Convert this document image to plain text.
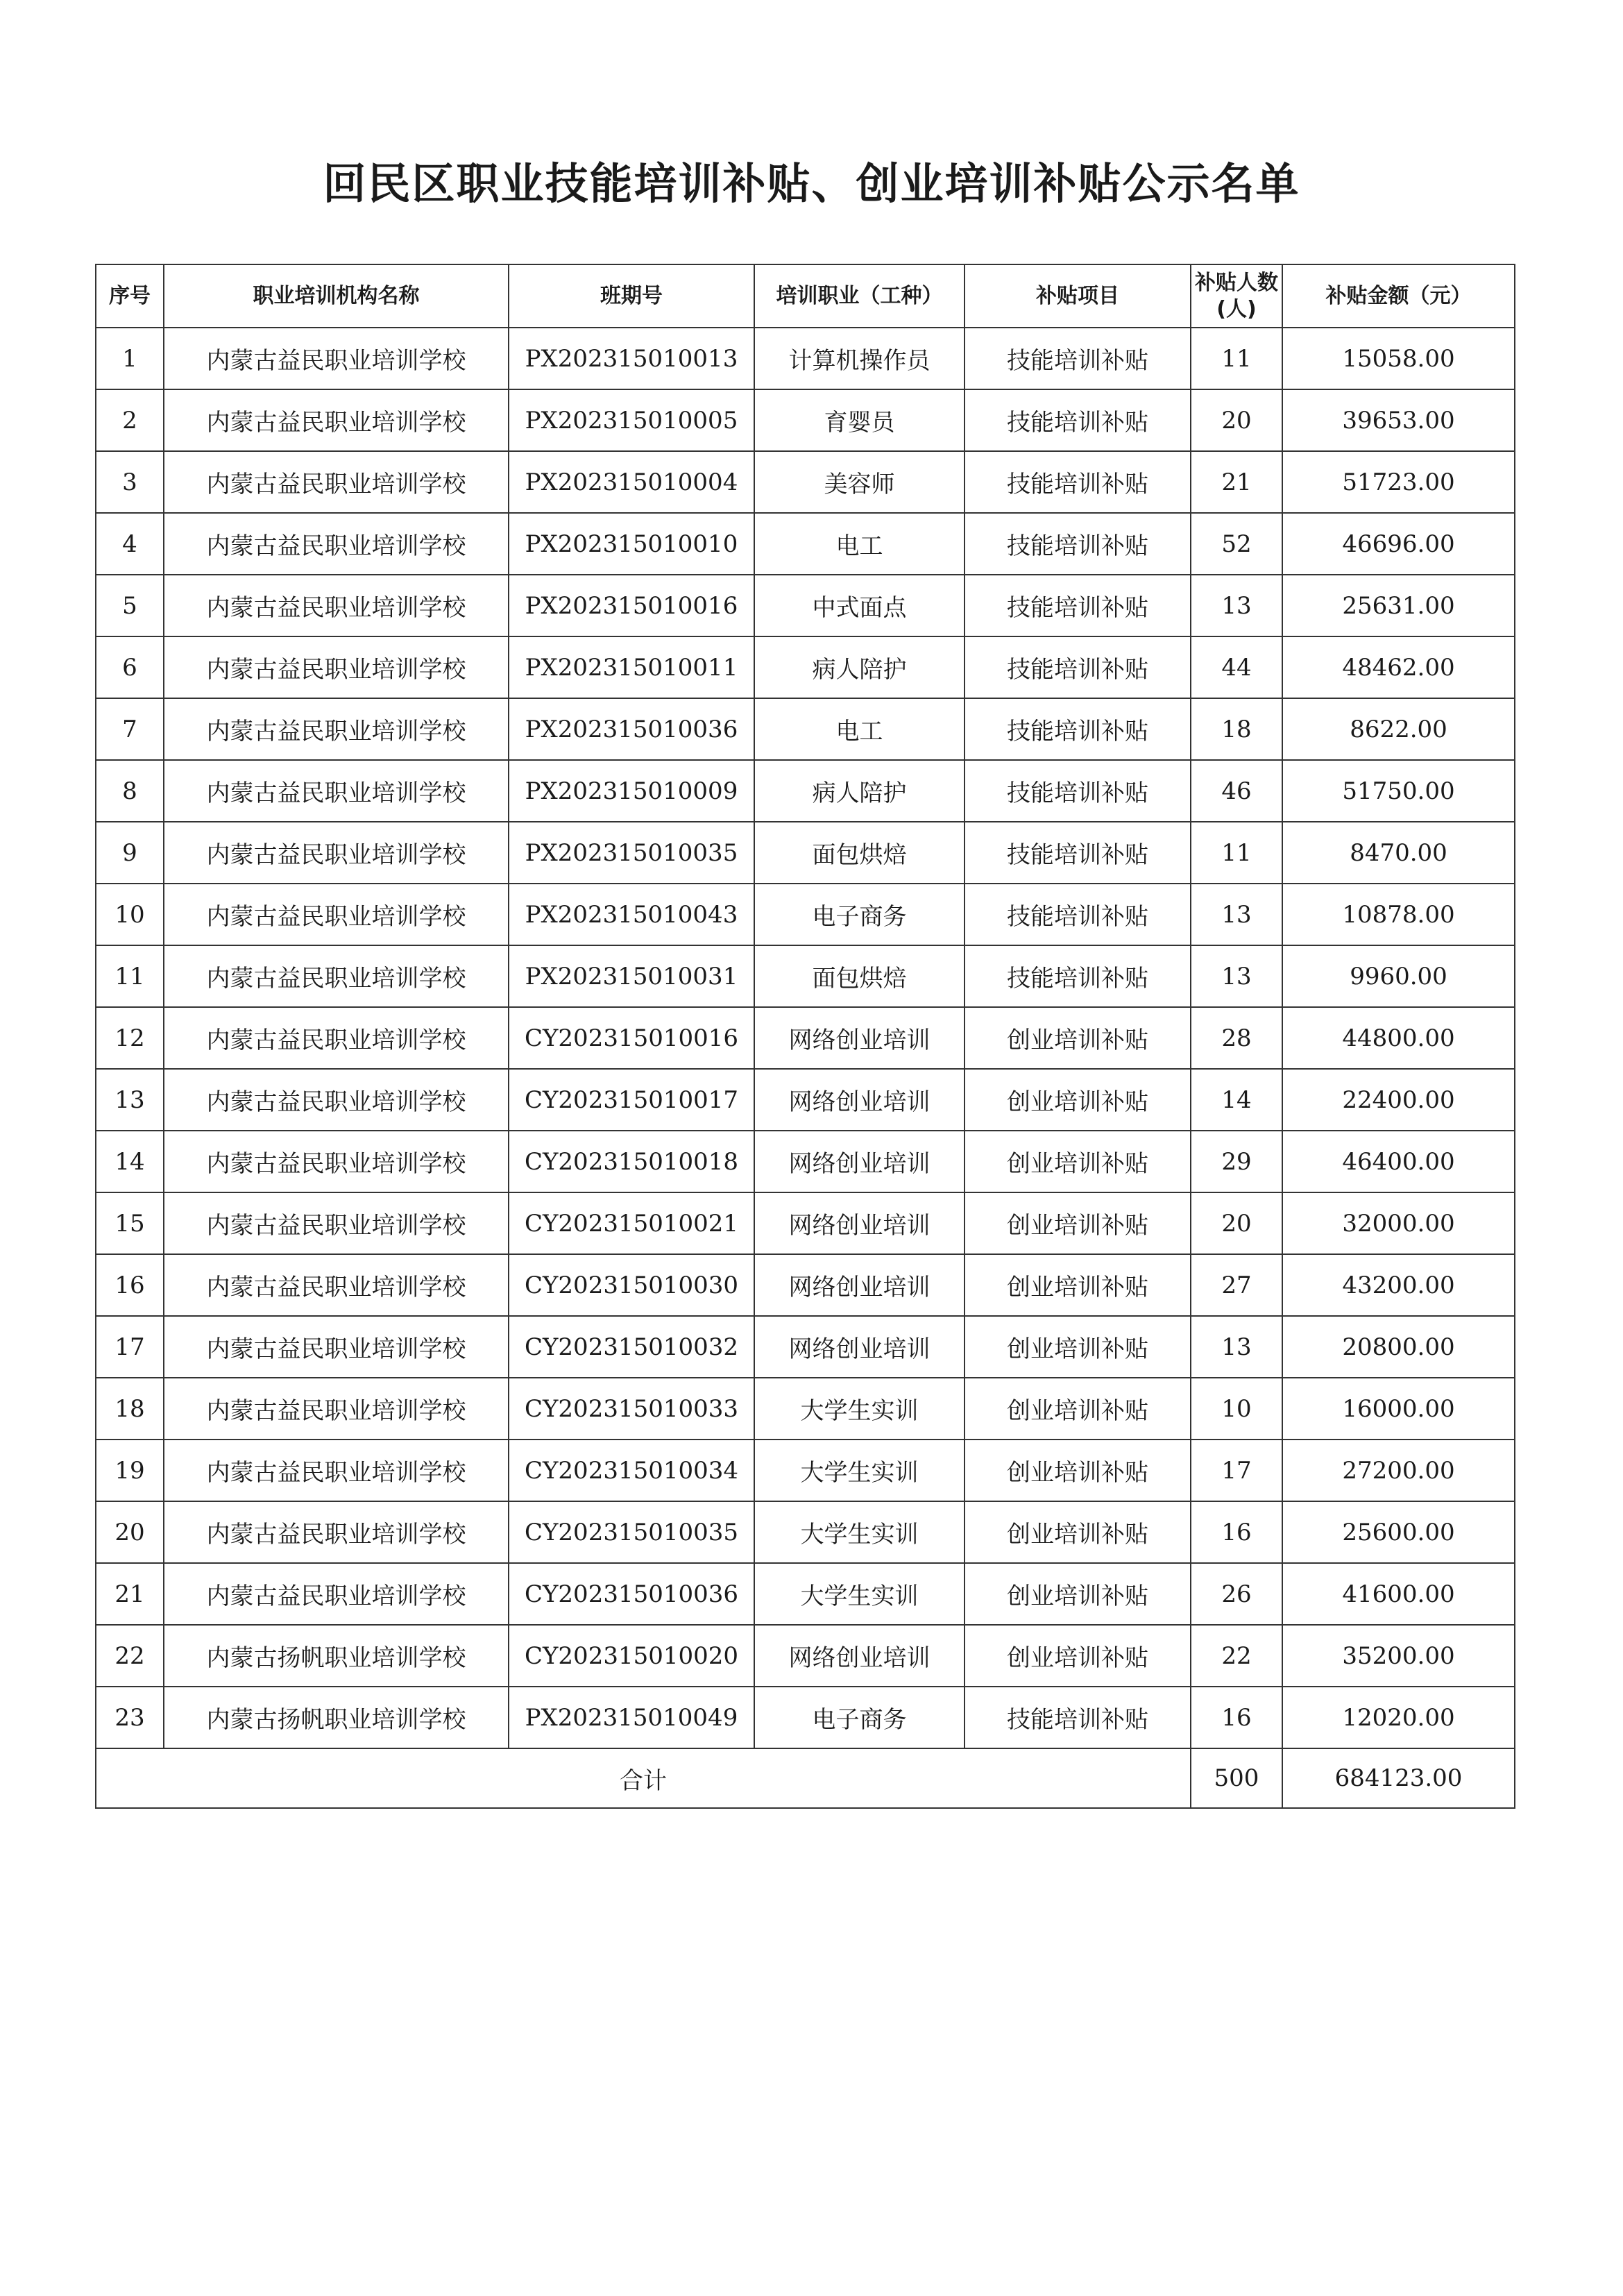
回民区职业技能培训补贴、创业培训补贴公示名单
序号	职业培训机构名称	班期号	培训职业（工种）	补贴项目	补贴人数(人)	补贴金额（元）
1	内蒙古益民职业培训学校	PX202315010013	计算机操作员	技能培训补贴	11	15058.00
2	内蒙古益民职业培训学校	PX202315010005	育婴员	技能培训补贴	20	39653.00
3	内蒙古益民职业培训学校	PX202315010004	美容师	技能培训补贴	21	51723.00
4	内蒙古益民职业培训学校	PX202315010010	电工	技能培训补贴	52	46696.00
5	内蒙古益民职业培训学校	PX202315010016	中式面点	技能培训补贴	13	25631.00
6	内蒙古益民职业培训学校	PX202315010011	病人陪护	技能培训补贴	44	48462.00
7	内蒙古益民职业培训学校	PX202315010036	电工	技能培训补贴	18	8622.00
8	内蒙古益民职业培训学校	PX202315010009	病人陪护	技能培训补贴	46	51750.00
9	内蒙古益民职业培训学校	PX202315010035	面包烘焙	技能培训补贴	11	8470.00
10	内蒙古益民职业培训学校	PX202315010043	电子商务	技能培训补贴	13	10878.00
11	内蒙古益民职业培训学校	PX202315010031	面包烘焙	技能培训补贴	13	9960.00
12	内蒙古益民职业培训学校	CY202315010016	网络创业培训	创业培训补贴	28	44800.00
13	内蒙古益民职业培训学校	CY202315010017	网络创业培训	创业培训补贴	14	22400.00
14	内蒙古益民职业培训学校	CY202315010018	网络创业培训	创业培训补贴	29	46400.00
15	内蒙古益民职业培训学校	CY202315010021	网络创业培训	创业培训补贴	20	32000.00
16	内蒙古益民职业培训学校	CY202315010030	网络创业培训	创业培训补贴	27	43200.00
17	内蒙古益民职业培训学校	CY202315010032	网络创业培训	创业培训补贴	13	20800.00
18	内蒙古益民职业培训学校	CY202315010033	大学生实训	创业培训补贴	10	16000.00
19	内蒙古益民职业培训学校	CY202315010034	大学生实训	创业培训补贴	17	27200.00
20	内蒙古益民职业培训学校	CY202315010035	大学生实训	创业培训补贴	16	25600.00
21	内蒙古益民职业培训学校	CY202315010036	大学生实训	创业培训补贴	26	41600.00
22	内蒙古扬帆职业培训学校	CY202315010020	网络创业培训	创业培训补贴	22	35200.00
23	内蒙古扬帆职业培训学校	PX202315010049	电子商务	技能培训补贴	16	12020.00
合计					500	684123.00
